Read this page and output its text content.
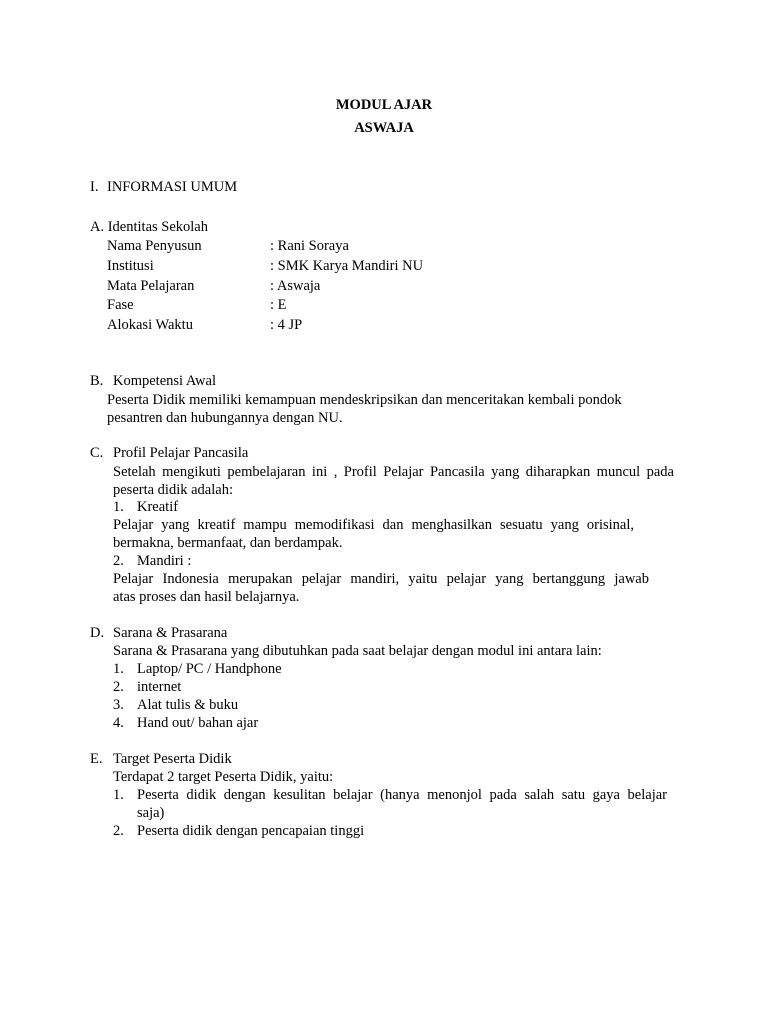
MODUL AJAR
ASWAJA
I. INFORMASI UMUM
A. Identitas Sekolah
Nama Penyusun	: Rani Soraya
Institusi	: SMK Karya Mandiri NU
Mata Pelajaran	: Aswaja
Fase	: E
Alokasi Waktu	: 4 JP
B. Kompetensi Awal
Peserta Didik memiliki kemampuan mendeskripsikan dan menceritakan kembali pondok
pesantren dan hubungannya dengan NU.
C. Profil Pelajar Pancasila
Setelah mengikuti pembelajaran ini , Profil Pelajar Pancasila yang diharapkan muncul pada
peserta didik adalah:
1. Kreatif
Pelajar yang kreatif mampu memodifikasi dan menghasilkan sesuatu yang orisinal,
bermakna, bermanfaat, dan berdampak.
2. Mandiri :
Pelajar Indonesia merupakan pelajar mandiri, yaitu pelajar yang bertanggung jawab
atas proses dan hasil belajarnya.
D. Sarana & Prasarana
Sarana & Prasarana yang dibutuhkan pada saat belajar dengan modul ini antara lain:
1. Laptop/ PC / Handphone
2. internet
3. Alat tulis & buku
4. Hand out/ bahan ajar
E. Target Peserta Didik
Terdapat 2 target Peserta Didik, yaitu:
1. Peserta didik dengan kesulitan belajar (hanya menonjol pada salah satu gaya belajar
saja)
2. Peserta didik dengan pencapaian tinggi
